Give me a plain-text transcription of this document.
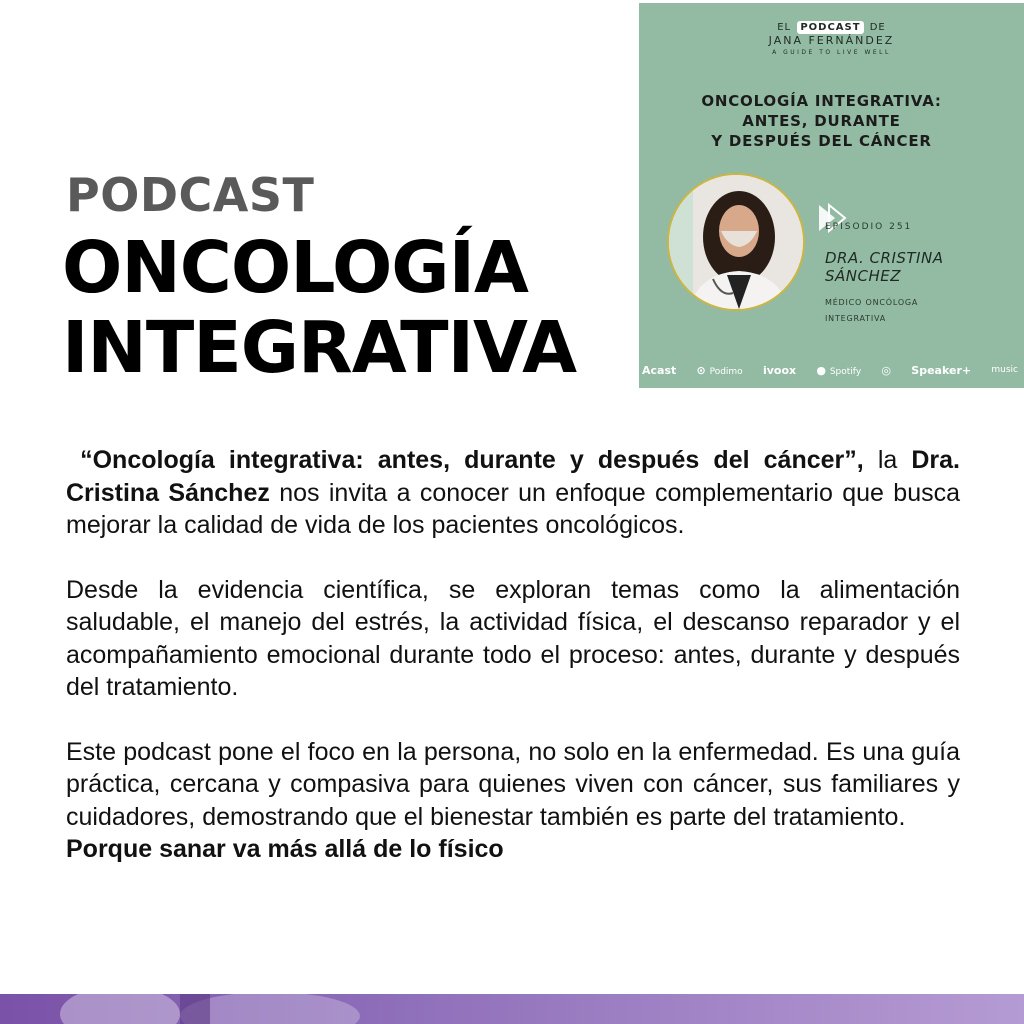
PODCAST
ONCOLOGÍA
INTEGRATIVA
EL PODCAST DE
JANA FERNÁNDEZ
A GUIDE TO LIVE WELL
ONCOLOGÍA INTEGRATIVA:
ANTES, DURANTE
Y DESPUÉS DEL CÁNCER
EPISODIO 251
DRA. CRISTINA
SÁNCHEZ
MÉDICO ONCÓLOGA
INTEGRATIVA
Acast ⊙ Podimo ivoox ● Spotify ◎ Speaker+ music

“Oncología integrativa: antes, durante y después del cáncer”, la Dra. Cristina Sánchez nos invita a conocer un enfoque complementario que busca mejorar la calidad de vida de los pacientes oncológicos.

Desde la evidencia científica, se exploran temas como la alimentación saludable, el manejo del estrés, la actividad física, el descanso reparador y el acompañamiento emocional durante todo el proceso: antes, durante y después del tratamiento.

Este podcast pone el foco en la persona, no solo en la enfermedad. Es una guía práctica, cercana y compasiva para quienes viven con cáncer, sus familiares y cuidadores, demostrando que el bienestar también es parte del tratamiento.

Porque sanar va más allá de lo físico
